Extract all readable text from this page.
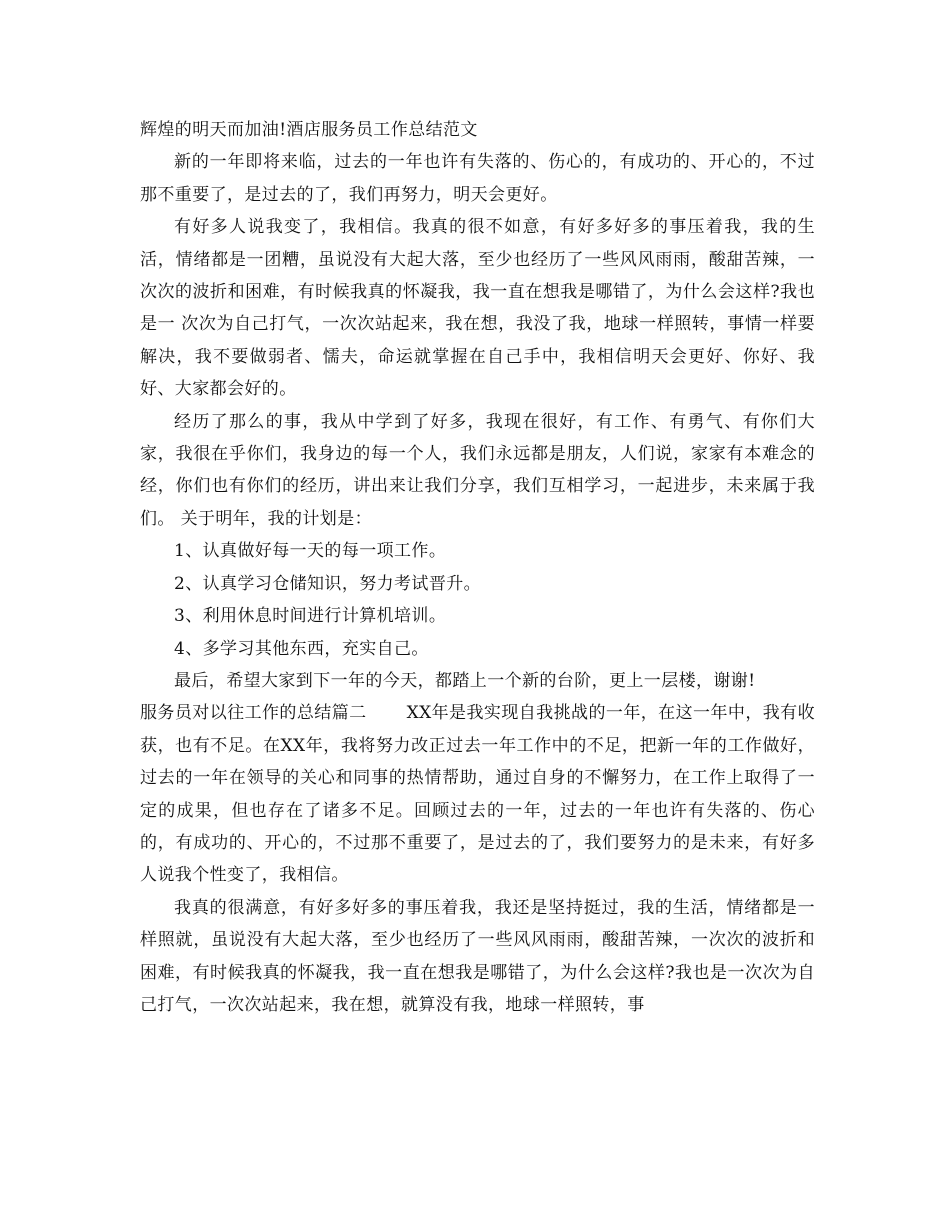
辉煌的明天而加油!酒店服务员工作总结范文

新的一年即将来临，过去的一年也许有失落的、伤心的，有成功的、开心的，不过那不重要了，是过去的了，我们再努力，明天会更好。

有好多人说我变了，我相信。我真的很不如意，有好多好多的事压着我，我的生活，情绪都是一团糟，虽说没有大起大落，至少也经历了一些风风雨雨，酸甜苦辣，一次次的波折和困难，有时候我真的怀凝我，我一直在想我是哪错了，为什么会这样?我也是一 次次为自己打气，一次次站起来，我在想，我没了我，地球一样照转，事情一样要解决，我不要做弱者、懦夫，命运就掌握在自己手中，我相信明天会更好、你好、我好、大家都会好的。

经历了那么的事，我从中学到了好多，我现在很好，有工作、有勇气、有你们大家，我很在乎你们，我身边的每一个人，我们永远都是朋友，人们说，家家有本难念的经，你们也有你们的经历，讲出来让我们分享，我们互相学习，一起进步，未来属于我们。 关于明年，我的计划是：

1、认真做好每一天的每一项工作。

2、认真学习仓储知识，努力考试晋升。

3、利用休息时间进行计算机培训。

4、多学习其他东西，充实自己。

最后，希望大家到下一年的今天，都踏上一个新的台阶，更上一层楼，谢谢!

服务员对以往工作的总结篇二 XX年是我实现自我挑战的一年，在这一年中，我有收获，也有不足。在XX年，我将努力改正过去一年工作中的不足，把新一年的工作做好，过去的一年在领导的关心和同事的热情帮助，通过自身的不懈努力，在工作上取得了一定的成果，但也存在了诸多不足。回顾过去的一年，过去的一年也许有失落的、伤心的，有成功的、开心的，不过那不重要了，是过去的了，我们要努力的是未来，有好多人说我个性变了，我相信。

我真的很满意，有好多好多的事压着我，我还是坚持挺过，我的生活，情绪都是一样照就，虽说没有大起大落，至少也经历了一些风风雨雨，酸甜苦辣，一次次的波折和困难，有时候我真的怀凝我，我一直在想我是哪错了，为什么会这样?我也是一次次为自己打气，一次次站起来，我在想，就算没有我，地球一样照转，事
